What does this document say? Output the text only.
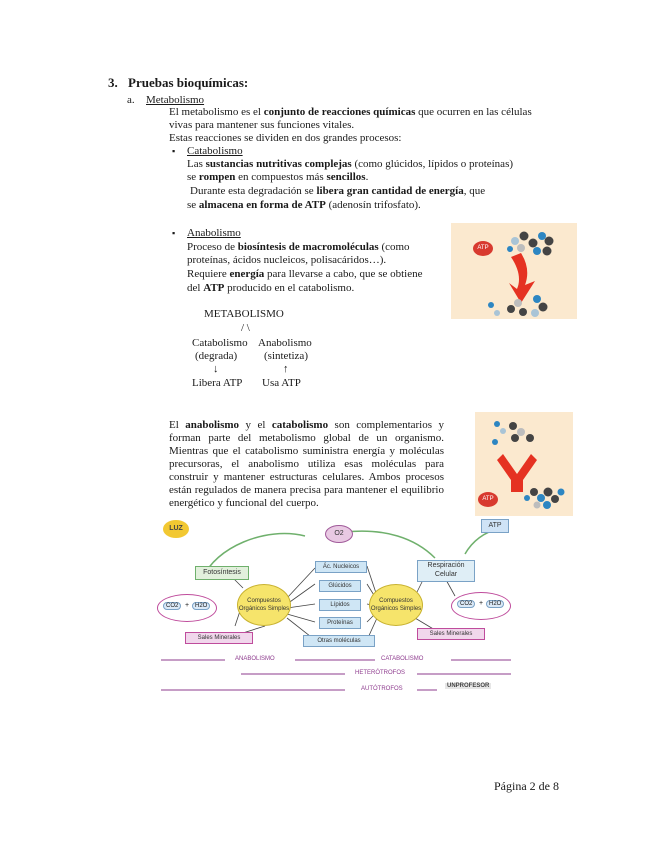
3. Pruebas bioquímicas:
a. Metabolismo
El metabolismo es el conjunto de reacciones químicas que ocurren en las células
vivas para mantener sus funciones vitales.
Estas reacciones se dividen en dos grandes procesos:
▪ Catabolismo
Las sustancias nutritivas complejas (como glúcidos, lípidos o proteínas)
se rompen en compuestos más sencillos.
Durante esta degradación se libera gran cantidad de energía, que
se almacena en forma de ATP (adenosín trifosfato).
▪ Anabolismo
Proceso de biosíntesis de macromoléculas (como
proteínas, ácidos nucleicos, polisacáridos…).
Requiere energía para llevarse a cabo, que se obtiene
del ATP producido en el catabolismo.
METABOLISMO
/ \
Catabolismo Anabolismo
(degrada) (sintetiza)
↓	↑
Libera ATP Usa ATP
El anabolismo y el catabolismo son complementarios y forman parte del metabolismo global de un organismo. Mientras que el catabolismo suministra energía y moléculas precursoras, el anabolismo utiliza esas moléculas para construir y mantener estructuras celulares. Ambos procesos están regulados de manera precisa para mantener el equilibrio energético y funcional del cuerpo.
ATP
ATP
LUZ
O2
ATP
Fotosíntesis
Respiración Celular
CO2 + H2O	CO2 + H2O
Compuestos Orgánicos Simples
Compuestos Orgánicos Simples
Ác. Nucleicos
Glúcidos
Lípidos
Proteínas
Otras moléculas
Sales Minerales
Sales Minerales
ANABOLISMO	CATABOLISMO
HETERÓTROFOS
AUTÓTROFOS	UNPROFESOR
Página 2 de 8
